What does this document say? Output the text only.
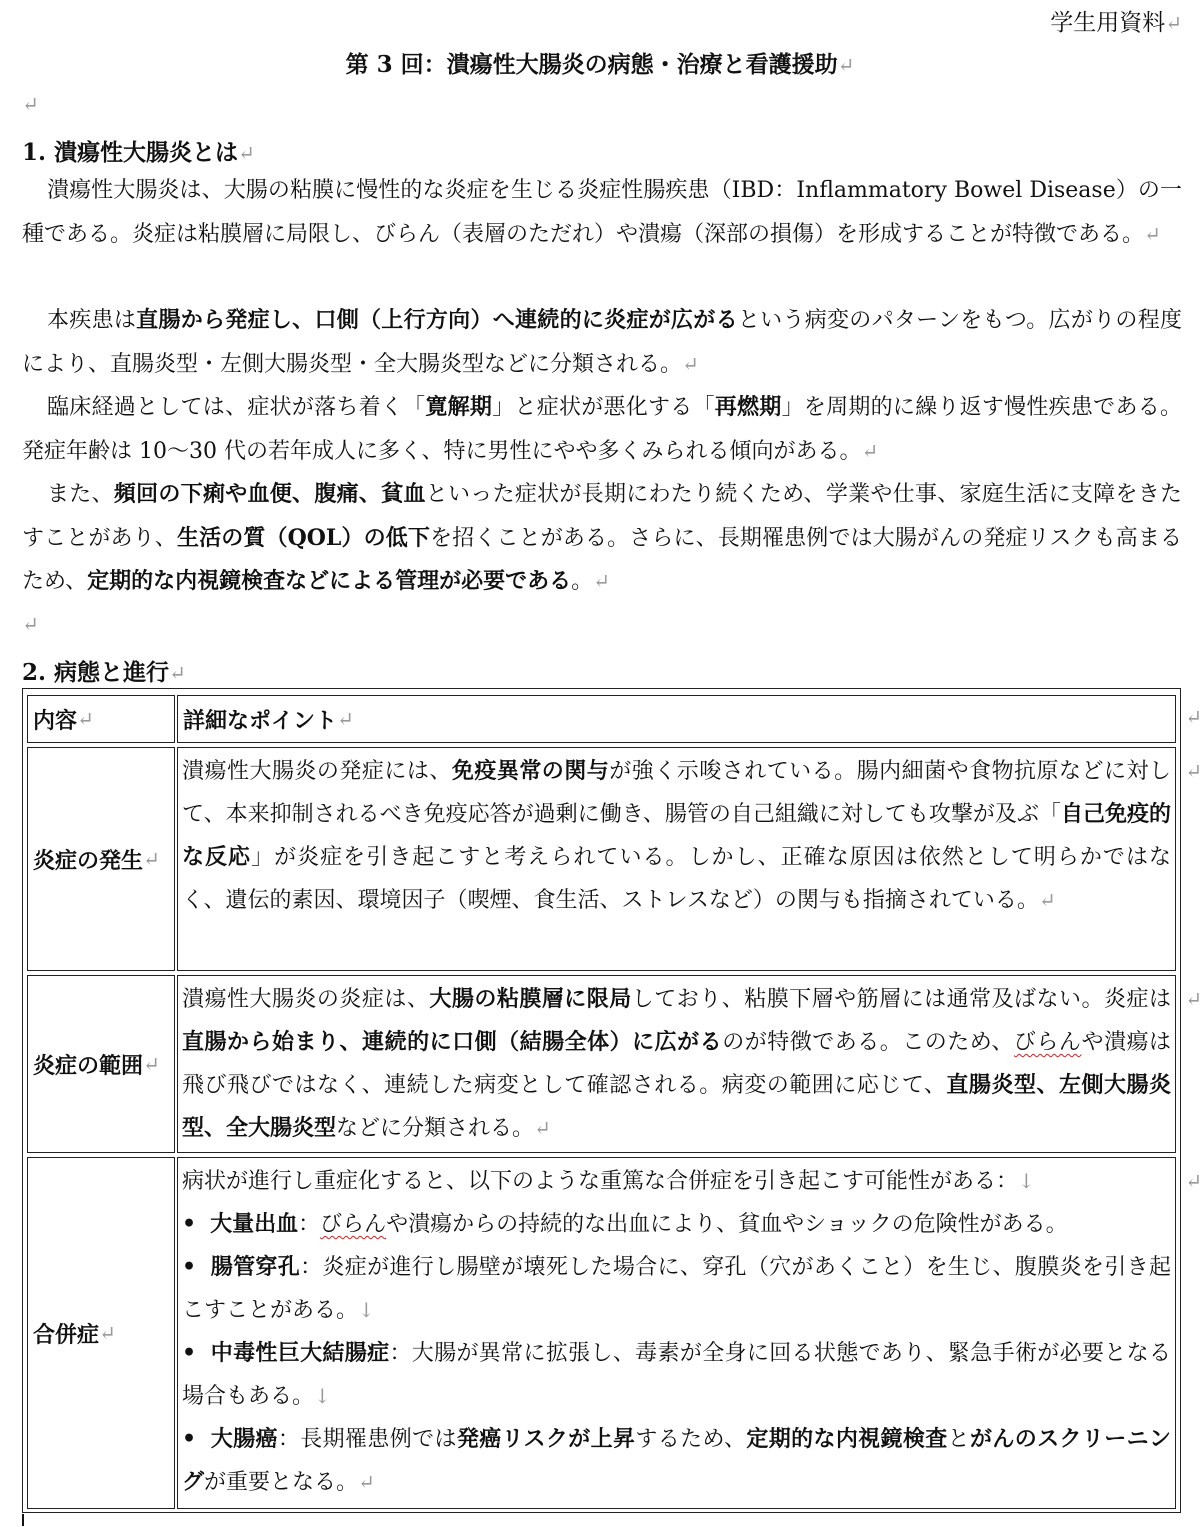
学生用資料↵
第 3 回：潰瘍性大腸炎の病態・治療と看護援助↵
↵
1. 潰瘍性大腸炎とは↵
潰瘍性大腸炎は、大腸の粘膜に慢性的な炎症を生じる炎症性腸疾患（IBD：Inflammatory Bowel Disease）の一種である。炎症は粘膜層に局限し、びらん（表層のただれ）や潰瘍（深部の損傷）を形成することが特徴である。↵
本疾患は直腸から発症し、口側（上行方向）へ連続的に炎症が広がるという病変のパターンをもつ。広がりの程度により、直腸炎型・左側大腸炎型・全大腸炎型などに分類される。↵
臨床経過としては、症状が落ち着く「寛解期」と症状が悪化する「再燃期」を周期的に繰り返す慢性疾患である。発症年齢は 10～30 代の若年成人に多く、特に男性にやや多くみられる傾向がある。↵
また、頻回の下痢や血便、腹痛、貧血といった症状が長期にわたり続くため、学業や仕事、家庭生活に支障をきたすことがあり、生活の質（QOL）の低下を招くことがある。さらに、長期罹患例では大腸がんの発症リスクも高まるため、定期的な内視鏡検査などによる管理が必要である。↵
↵
2. 病態と進行↵
内容 ↵	詳細なポイント ↵	↵
炎症の発生 ↵
潰瘍性大腸炎の発症には、免疫異常の関与が強く示唆されている。腸内細菌や食物抗原などに対して、本来抑制されるべき免疫応答が過剰に働き、腸管の自己組織に対しても攻撃が及ぶ「自己免疫的な反応」が炎症を引き起こすと考えられている。しかし、正確な原因は依然として明らかではなく、遺伝的素因、環境因子（喫煙、食生活、ストレスなど）の関与も指摘されている。↵
↵
炎症の範囲 ↵
潰瘍性大腸炎の炎症は、大腸の粘膜層に限局しており、粘膜下層や筋層には通常及ばない。炎症は直腸から始まり、連続的に口側（結腸全体）に広がるのが特徴である。このため、びらんや潰瘍は飛び飛びではなく、連続した病変として確認される。病変の範囲に応じて、直腸炎型、左側大腸炎型、全大腸炎型などに分類される。↵
↵
合併症 ↵
病状が進行し重症化すると、以下のような重篤な合併症を引き起こす可能性がある：↓
• 大量出血：びらんや潰瘍からの持続的な出血により、貧血やショックの危険性がある。
• 腸管穿孔：炎症が進行し腸壁が壊死した場合に、穿孔（穴があくこと）を生じ、腹膜炎を引き起こすことがある。↓
• 中毒性巨大結腸症：大腸が異常に拡張し、毒素が全身に回る状態であり、緊急手術が必要となる場合もある。↓
• 大腸癌：長期罹患例では発癌リスクが上昇するため、定期的な内視鏡検査とがんのスクリーニングが重要となる。↵
↵
